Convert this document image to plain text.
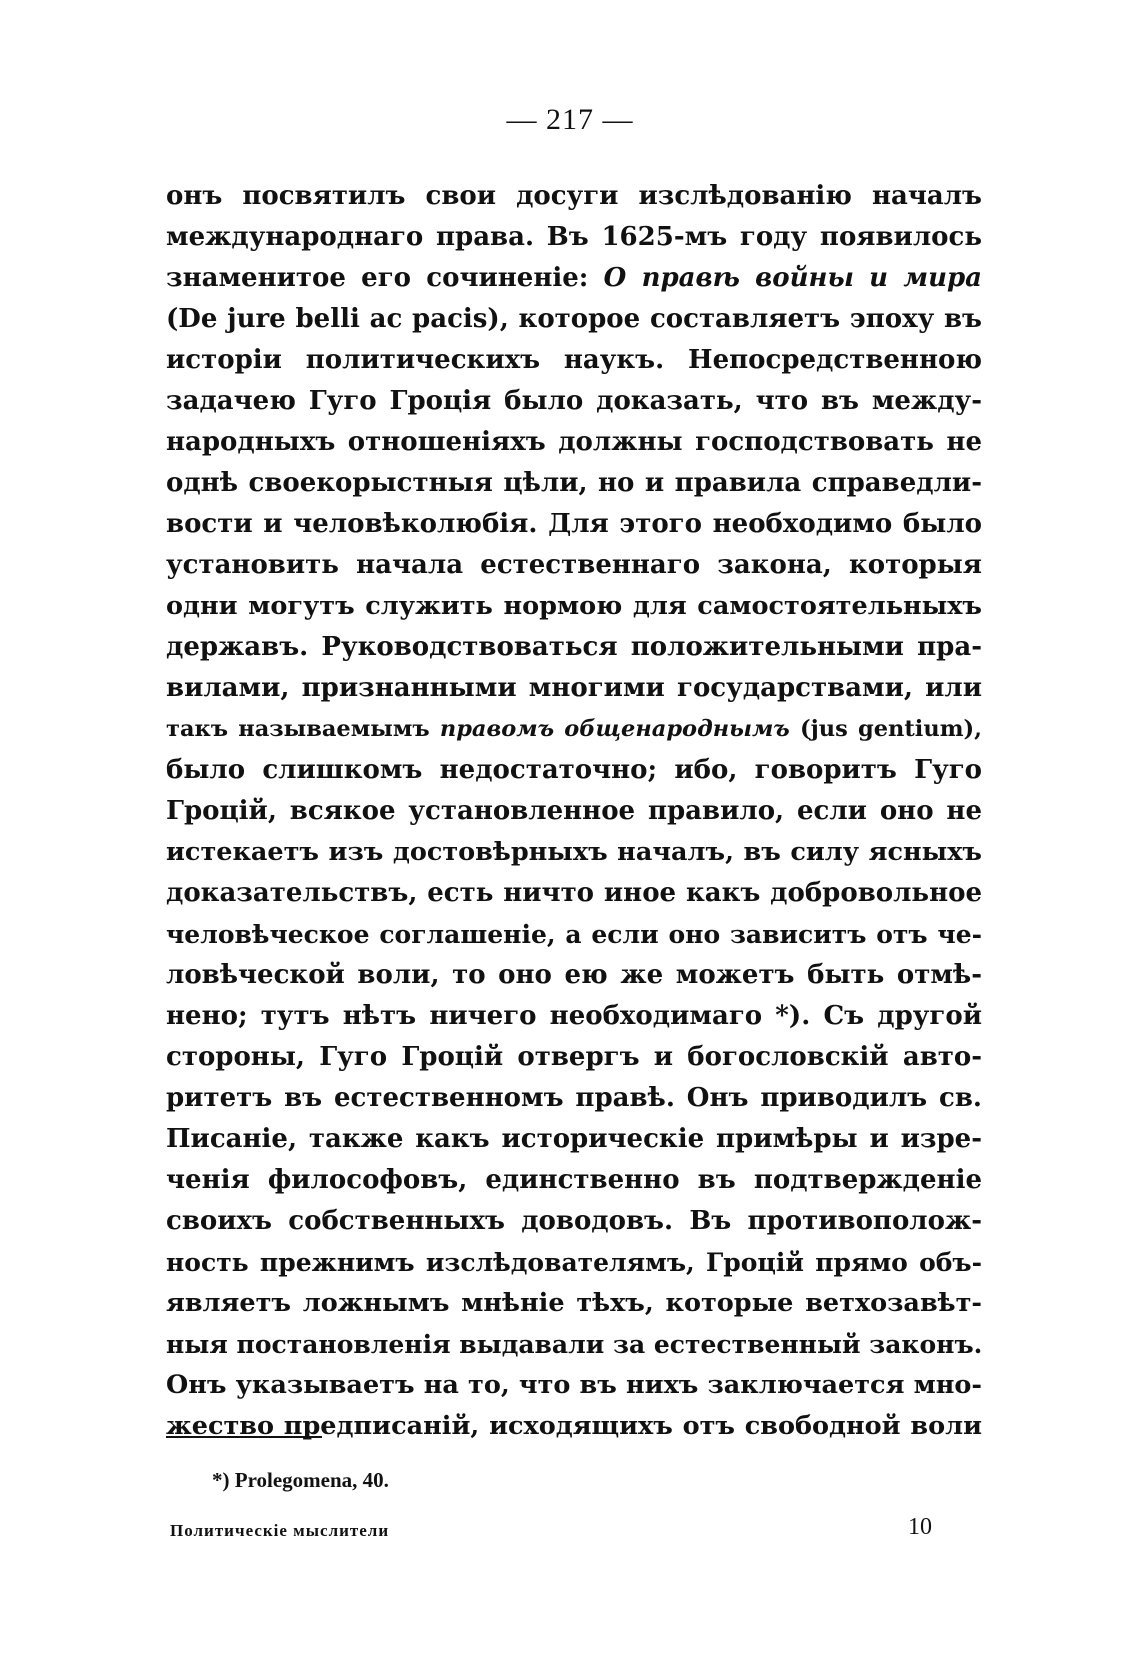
— 217 —
онъ посвятилъ свои досуги изслѣдованію началъ
международнаго права. Въ 1625-мъ году появилось
знаменитое его сочиненіе: О правѣ войны и мира
(De jure belli ac pacis), которое составляетъ эпоху въ
исторіи политическихъ наукъ. Непосредственною
задачею Гуго Гроція было доказать, что въ между-
народныхъ отношеніяхъ должны господствовать не
однѣ своекорыстныя цѣли, но и правила справедли-
вости и человѣколюбія. Для этого необходимо было
установить начала естественнаго закона, которыя
одни могутъ служить нормою для самостоятельныхъ
державъ. Руководствоваться положительными пра-
вилами, признанными многими государствами, или
такъ называемымъ правомъ общенароднымъ (jus gentium),
было слишкомъ недостаточно; ибо, говоритъ Гуго
Гроцій, всякое установленное правило, если оно не
истекаетъ изъ достовѣрныхъ началъ, въ силу ясныхъ
доказательствъ, есть ничто иное какъ добровольное
человѣческое соглашеніе, а если оно зависитъ отъ че-
ловѣческой воли, то оно ею же можетъ быть отмѣ-
нено; тутъ нѣтъ ничего необходимаго *). Съ другой
стороны, Гуго Гроцій отвергъ и богословскій авто-
ритетъ въ естественномъ правѣ. Онъ приводилъ св.
Писаніе, также какъ историческіе примѣры и изре-
ченія философовъ, единственно въ подтвержденіе
своихъ собственныхъ доводовъ. Въ противополож-
ность прежнимъ изслѣдователямъ, Гроцій прямо объ-
являетъ ложнымъ мнѣніе тѣхъ, которые ветхозавѣт-
ныя постановленія выдавали за естественный законъ.
Онъ указываетъ на то, что въ нихъ заключается мно-
жество предписаній, исходящихъ отъ свободной воли
*) Prolegomena, 40.
Политическіе мыслители	10
